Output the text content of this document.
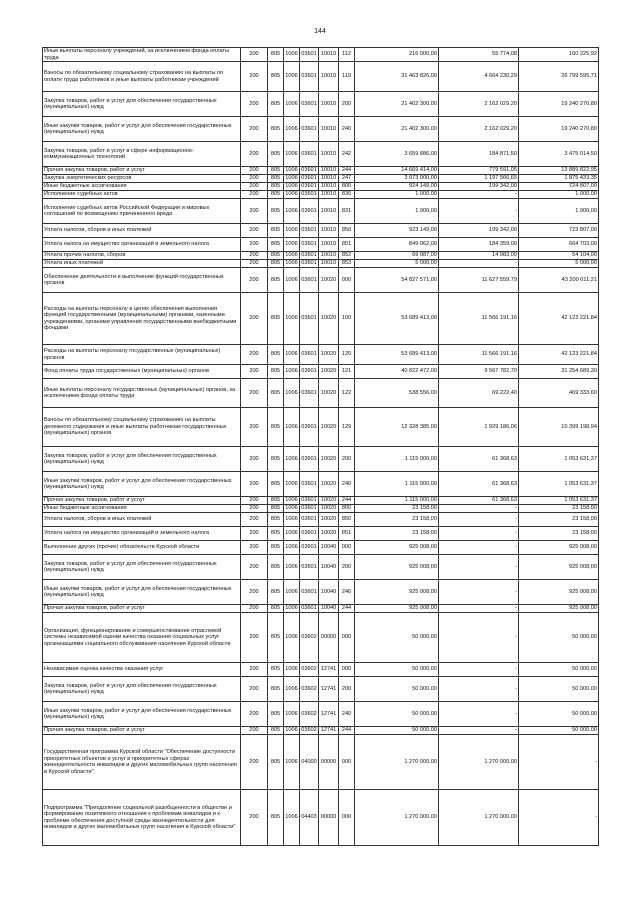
144
Иные выплаты персоналу учреждений, за исключением фонда оплаты труда	200	805	1006	03601	10010	112	216 000,00	55 774,08	160 225,92
Взносы по обязательному социальному страхованию на выплаты по оплате труда работников и иные выплаты работникам учреждений	200	805	1006	03601	10010	119	31 463 826,00	4 664 230,29	26 799 595,71
Закупка товаров, работ и услуг для обеспечения государственных (муниципальных) нужд	200	805	1006	03601	10010	200	21 402 300,00	2 162 029,20	19 240 270,80
Иные закупки товаров, работ и услуг для обеспечения государственных (муниципальных) нужд	200	805	1006	03601	10010	240	21 402 300,00	2 162 029,20	19 240 270,80
Закупка товаров, работ и услуг в сфере информационно-коммуникационных технологий	200	805	1006	03601	10010	242	3 659 886,00	184 871,50	3 475 014,50
Прочая закупка товаров, работ и услуг	200	805	1006	03601	10010	244	14 669 414,00	779 591,05	13 889 822,95
Закупка энергетических ресурсов	200	805	1006	03601	10010	247	3 073 000,00	1 197 566,65	1 875 433,35
Иные бюджетные ассигнования	200	805	1006	03601	10010	800	924 149,00	199 342,00	724 807,00
Исполнение судебных актов	200	805	1006	03601	10010	830	1 000,00	-	1 000,00
Исполнение судебных актов Российской Федерации и мировых соглашений по возмещению причиненного вреда	200	805	1006	03601	10010	831	1 000,00	-	1 000,00
Уплата налогов, сборов и иных платежей	200	805	1006	03601	10010	850	923 149,00	199 342,00	723 807,00
Уплата налога на имущество организаций и земельного налога	200	805	1006	03601	10010	851	849 062,00	184 359,00	664 703,00
Уплата прочих налогов, сборов	200	805	1006	03601	10010	852	69 087,00	14 983,00	54 104,00
Уплата иных платежей	200	805	1006	03601	10010	853	5 000,00	-	5 000,00
Обеспечение деятельности и выполнение функций государственных органов	200	805	1006	03601	10020	000	54 827 571,00	11 627 559,79	43 200 011,21
Расходы на выплаты персоналу в целях обеспечения выполнения функций государственными (муниципальными) органами, казенными учреждениями, органами управления государственными внебюджетными фондами	200	805	1006	03601	10020	100	53 689 413,00	11 566 191,16	42 123 221,84
Расходы на выплаты персоналу государственных (муниципальных) органов	200	805	1006	03601	10020	120	53 689 413,00	11 566 191,16	42 123 221,84
Фонд оплаты труда государственных (муниципальных) органов	200	805	1006	03601	10020	121	40 822 472,00	9 567 782,70	31 254 689,30
Иные выплаты персоналу государственных (муниципальных) органов, за исключением фонда оплаты труда	200	805	1006	03601	10020	122	538 556,00	69 222,40	469 333,60
Взносы по обязательному социальному страхованию на выплаты денежного содержания и иные выплаты работникам государственных (муниципальных) органов	200	805	1006	03601	10020	129	12 328 385,00	1 929 186,06	10 399 198,94
Закупка товаров, работ и услуг для обеспечения государственных (муниципальных) нужд	200	805	1006	03601	10020	200	1 115 000,00	61 368,63	1 053 631,37
Иные закупки товаров, работ и услуг для обеспечения государственных (муниципальных) нужд	200	805	1006	03601	10020	240	1 115 000,00	61 368,63	1 053 631,37
Прочая закупка товаров, работ и услуг	200	805	1006	03601	10020	244	1 115 000,00	61 368,63	1 053 631,37
Иные бюджетные ассигнования	200	805	1006	03601	10020	800	23 158,00	-	23 158,00
Уплата налогов, сборов и иных платежей	200	805	1006	03601	10020	850	23 158,00	-	23 158,00
Уплата налога на имущество организаций и земельного налога	200	805	1006	03601	10020	851	23 158,00	-	23 158,00
Выполнение других (прочих) обязательств Курской области	200	805	1006	03601	10040	000	925 008,00	-	925 008,00
Закупка товаров, работ и услуг для обеспечения государственных (муниципальных) нужд	200	805	1006	03601	10040	200	925 008,00	-	925 008,00
Иные закупки товаров, работ и услуг для обеспечения государственных (муниципальных) нужд	200	805	1006	03601	10040	240	925 008,00	-	925 008,00
Прочая закупка товаров, работ и услуг	200	805	1006	03601	10040	244	925 008,00	-	925 008,00
Организация, функционирование и совершенствование отраслевой системы независимой оценки качества оказания социальных услуг организациями социального обслуживания населения Курской области	200	805	1006	03602	00000	000	50 000,00	-	50 000,00
Независимая оценка качества оказания услуг	200	805	1006	03602	12741	000	50 000,00	-	50 000,00
Закупка товаров, работ и услуг для обеспечения государственных (муниципальных) нужд	200	805	1006	03602	12741	200	50 000,00	-	50 000,00
Иные закупки товаров, работ и услуг для обеспечения государственных (муниципальных) нужд	200	805	1006	03602	12741	240	50 000,00	-	50 000,00
Прочая закупка товаров, работ и услуг	200	805	1006	03602	12741	244	50 000,00	-	50 000,00
Государственная программа Курской области "Обеспечение доступности приоритетных объектов и услуг в приоритетных сферах жизнедеятельности инвалидов и других маломобильных групп населения в Курской области"	200	805	1006	04000	00000	000	1 270 000,00	1 270 000,00	-
Подпрограмма "Преодоление социальной разобщенности в обществе и формирование позитивного отношения к проблемам инвалидов и к проблеме обеспечения доступной среды жизнедеятельности для инвалидов и других маломобильных групп населения в Курской области"	200	805	1006	04403	00000	000	1 270 000,00	1 270 000,00	-
